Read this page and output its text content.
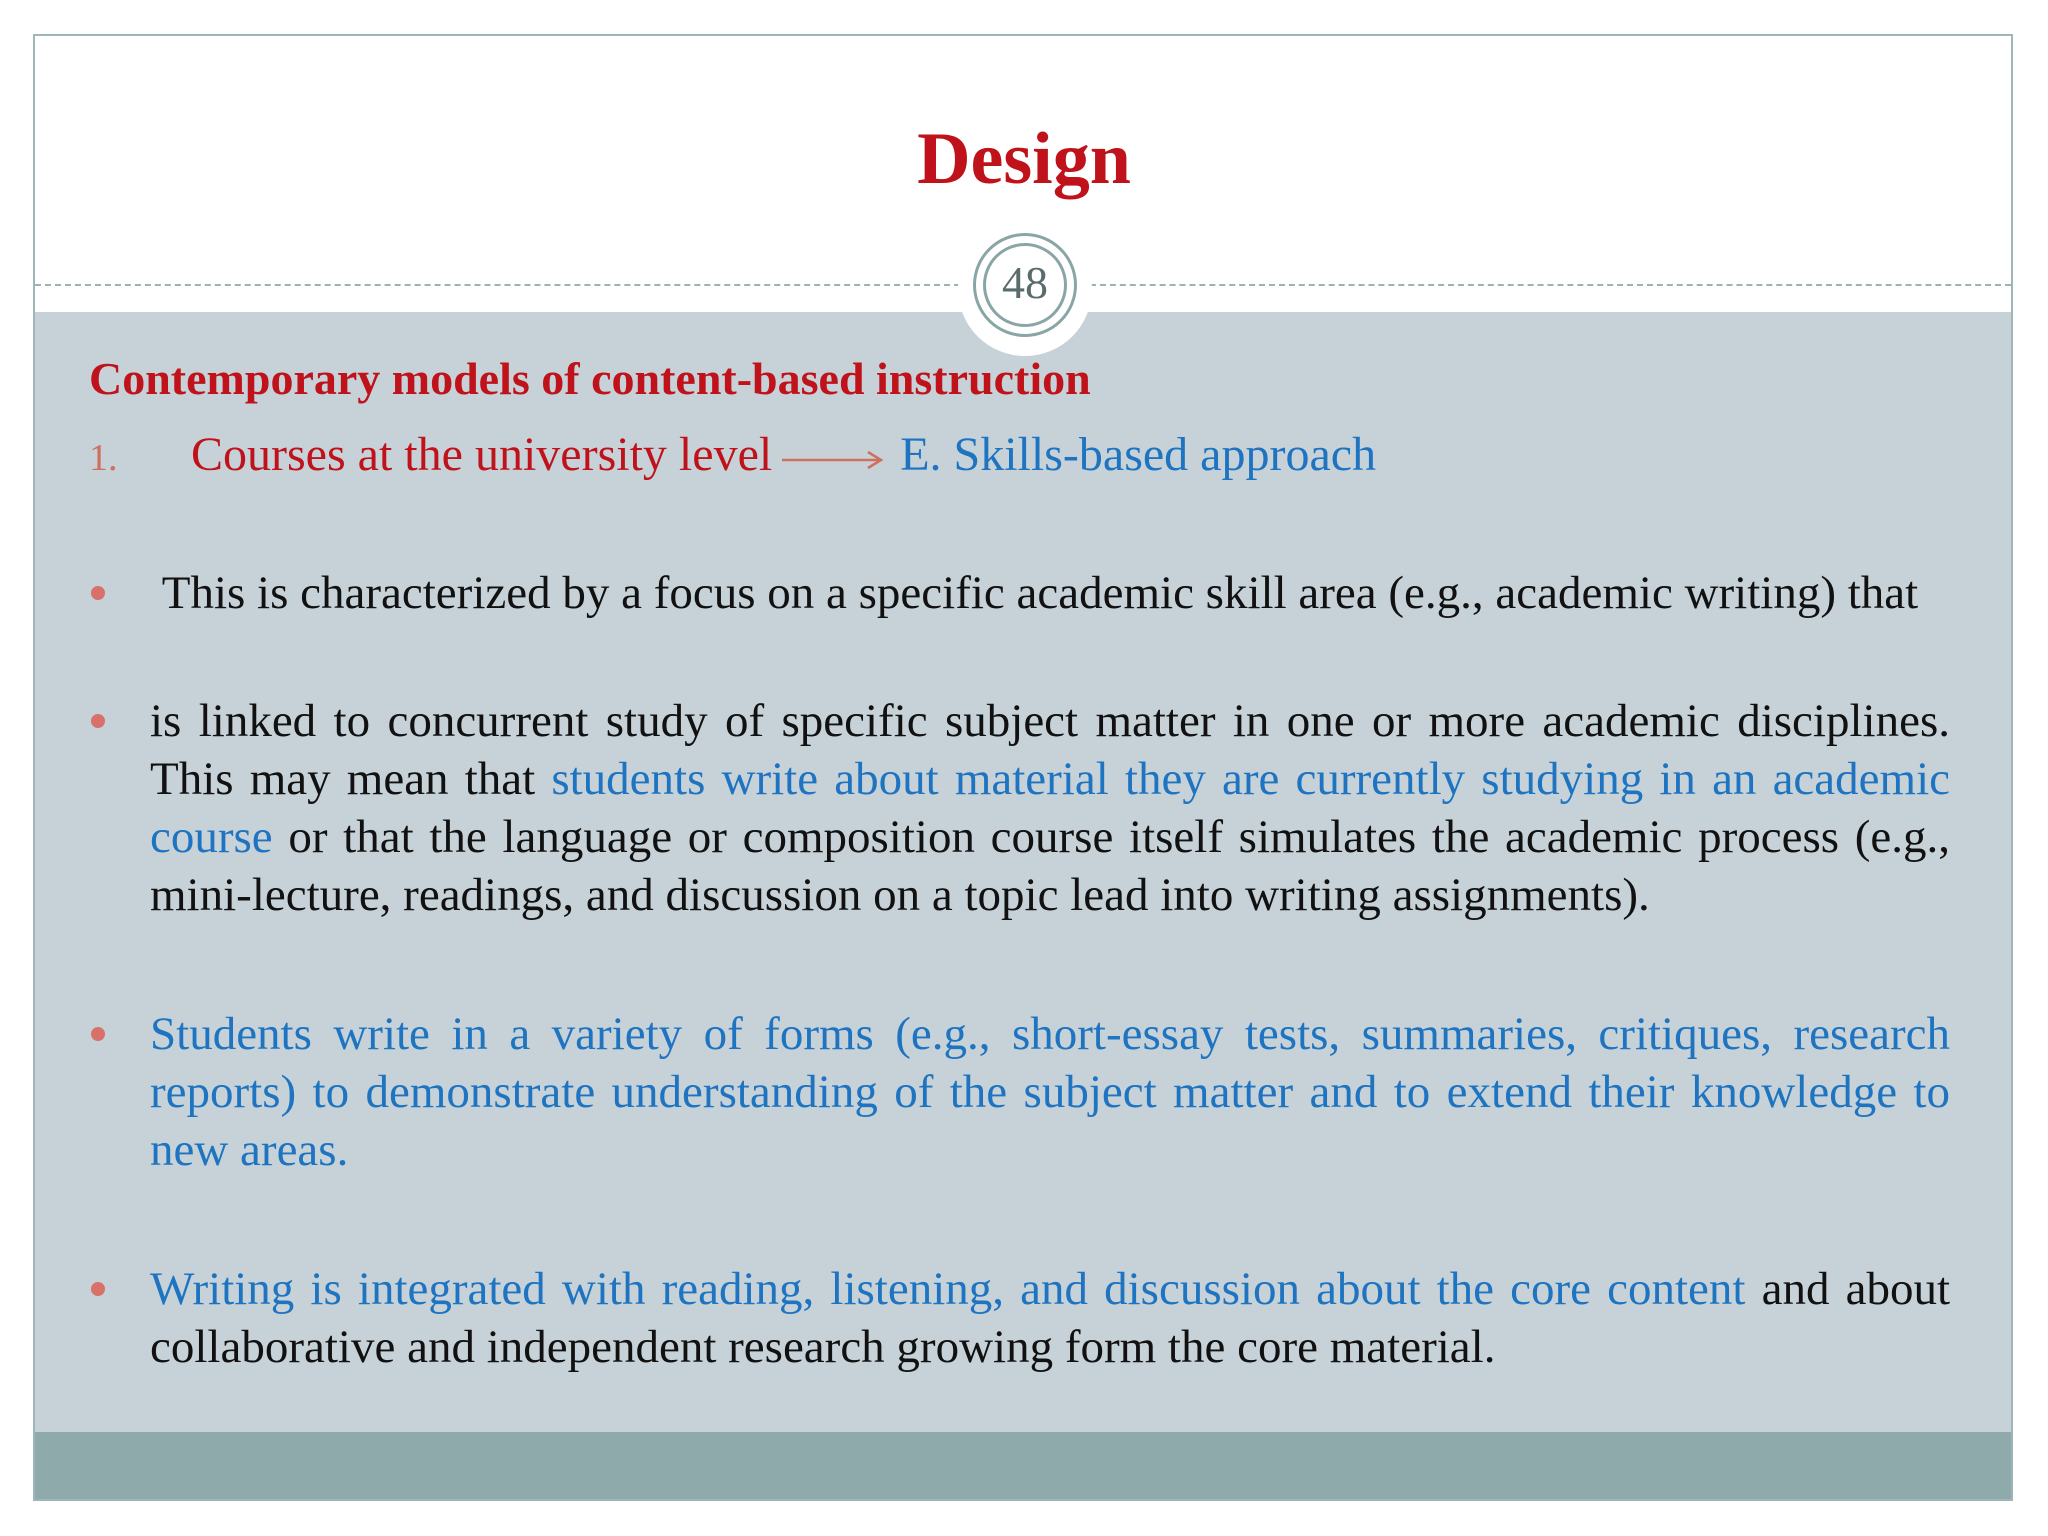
Design
48
Contemporary models of content-based instruction
1. Courses at the university level	E. Skills-based approach
This is characterized by a focus on a specific academic skill area (e.g., academic writing) that
is linked to concurrent study of specific subject matter in one or more academic disciplines. This may mean that students write about material they are currently studying in an academic course or that the language or composition course itself simulates the academic process (e.g., mini-lecture, readings, and discussion on a topic lead into writing assignments).
Students write in a variety of forms (e.g., short-essay tests, summaries, critiques, research reports) to demonstrate understanding of the subject matter and to extend their knowledge to new areas.
Writing is integrated with reading, listening, and discussion about the core content and about collaborative and independent research growing form the core material.
